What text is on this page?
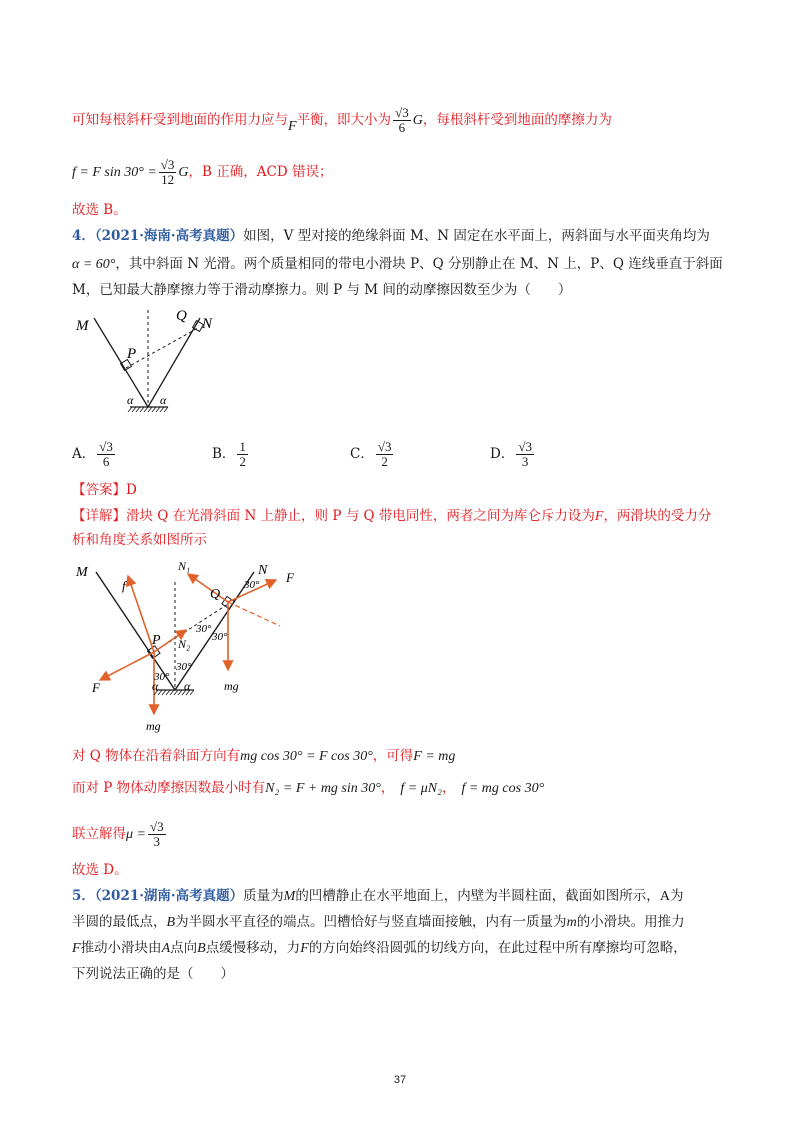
可知每根斜杆受到地面的作用力应与F平衡，即大小为 $\frac{√3}{6}$ G，每根斜杆受到地面的摩擦力为
f = F $\sin 30^\circ = \frac{√3}{12}$ G，B 正确，ACD 错误；
故选 B。
4．（2021·海南·高考真题）如图，V 型对接的绝缘斜面 M、N 固定在水平面上，两斜面与水平面夹角均为
α = 60°，其中斜面 N 光滑。两个质量相同的带电小滑块 P、Q 分别静止在 M、N 上，P、Q 连线垂直于斜面
M，已知最大静摩擦力等于滑动摩擦力。则 P 与 M 间的动摩擦因数至少为（　　）
M	N
Q
P
α α
A． $\frac{√3}{6}$	B． $\frac{1}{2}$	C． $\frac{√3}{2}$	D． $\frac{√3}{3}$
【答案】D
【详解】滑块 Q 在光滑斜面 N 上静止，则 P 与 Q 带电同性，两者之间为库仑斥力设为F，两滑块的受力分
析和角度关系如图所示
M	N
Q
P
f
F
F
N₁
N₂
mg
mg
30°
30°
30°
30°
30°
α α
对 Q 物体在沿着斜面方向有mg cos 30° = F cos 30°，可得F = mg
而对 P 物体动摩擦因数最小时有N₂ = F + mg sin 30°， f = μN₂， f = mg cos 30°
联立解得$\mu = \frac{√3}{3}$
故选 D。
5．（2021·湖南·高考真题）质量为M的凹槽静止在水平地面上，内壁为半圆柱面，截面如图所示，A为
半圆的最低点，B为半圆水平直径的端点。凹槽恰好与竖直墙面接触，内有一质量为m的小滑块。用推力
F推动小滑块由A点向B点缓慢移动，力F的方向始终沿圆弧的切线方向，在此过程中所有摩擦均可忽略，
下列说法正确的是（　　）
37
